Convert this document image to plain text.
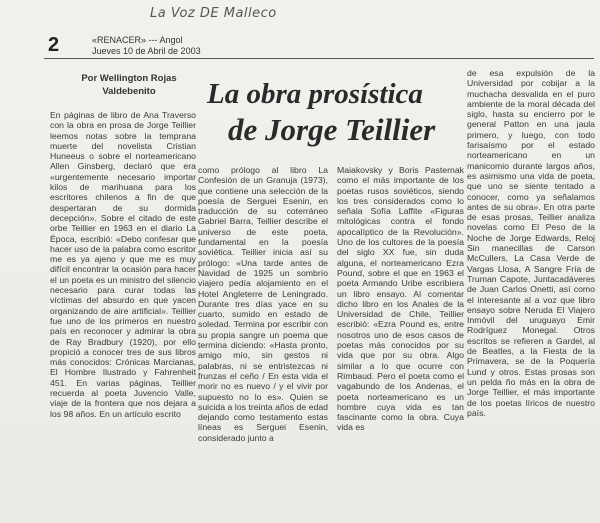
La Voz DE Malleco
2	«RENACER» --- Angol
Jueves 10 de Abril de 2003
Por Wellington Rojas
Valdebenito	La obra prosística
de Jorge Teillier
En páginas de libro de Ana Traverso con la obra en prosa de Jorge Teillier leemos notas sobre la temprana muerte del novelista Cristian Huneeus o sobre el norteamericano Allen Ginsberg, declaró que era «urgentemente necesario importar kilos de marihuana para los escritores chilenos a fin de que despertaran de su dormida decepción». Sobre el citado de este orbe Teillier en 1963 en el diario La Época, escribió: «Debo confesar que hacer uso de la palabra como escritor me es ya ajeno y que me es muy difícil encontrar la ocasión para hacer el un poeta es un ministro del silencio necesario para curar todas las víctimas del absurdo en que yacen organizando de aire artificial». Teillier fue uno de los primeros en nuestro país en reconocer y admirar la obra de Ray Bradbury (1920), por ello propició a conocer tres de sus libros más conocidos: Crónicas Marcianas, El Hombre Ilustrado y Fahrenheit 451. En varias páginas, Teillier recuerda al poeta Juvencio Valle, viaje de la frontera que nos dejara a los 98 años. En un artículo escrito
como prólogo al libro La Confesión de un Granuja (1973), que contiene una selección de la poesía de Serguei Esenin, en traducción de su coterráneo Gabriel Barra, Teillier describe el universo de este poeta, fundamental en la poesía soviética. Teillier inicia así su prólogo: «Una tarde antes de Navidad de 1925 un sombrío viajero pedía alojamiento en el Hotel Angleterre de Leningrado. Durante tres días yace en su cuarto, sumido en estado de soledad. Termina por escribir con su propia sangre un poema que termina diciendo: «Hasta pronto, amigo mío, sin gestos ni palabras, ni se entristezcas ni frunzas el ceño / En esta vida el morir no es nuevo / y el vivir por supuesto no lo es». Quien se suicida a los treinta años de edad dejando como testamento estas líneas es Serguei Esenin, considerado junto a
Maiakovsky y Boris Pasternak como el más importante de los poetas rusos soviéticos, siendo los tres considerados como lo señala Sofía Laffite «Figuras mitológicas contra el fondo apocalíptico de la Revolución». Uno de los cultores de la poesía del siglo XX fue, sin duda alguna, el norteamericano Ezra Pound, sobre el que en 1963 el poeta Armando Uribe escribiera un libro ensayo. Al comentar dicho libro en los Anales de la Universidad de Chile, Teillier escribió: «Ezra Pound es, entre nosotros uno de esos casos de poetas más conocidos por su vida que por su obra. Algo similar a lo que ocurre con Rimbaud. Pero el poeta como el vagabundo de los Andenas, el poeta norteamericano es un hombre cuya vida es tan fascinante como la obra. Cuya vida es
de esa expulsión de la Universidad por cobijar a la muchacha desvalida en el puro ambiente de la moral década del siglo, hasta su encierro por le general Patton en una jaula primero, y luego, con todo farisaísmo por el estado norteamericano en un manicomio durante largos años, es asimismo una vida de poeta, que uno se siente tentado a conocer, como ya señalamos antes de su obra». En otra parte de esas prosas, Teillier analiza novelas como El Peso de la Noche de Jorge Edwards, Reloj Sin manecillas de Carson McCullers, La Casa Verde de Vargas Llosa, A Sangre Fría de Truman Capote, Juntacadáveres de Juan Carlos Onetti, así como el interesante al a voz que libro ensayo sobre Neruda El Viajero Inmóvil del uruguayo Emir Rodríguez Monegal. Otros escritos se refieren a Gardel, al de Beatles, a la Fiesta de la Primavera, se de la Poquería Lund y otros. Estas prosas son un pelda ño más en la obra de Jorge Teillier, el más importante de los poetas líricos de nuestro país.
